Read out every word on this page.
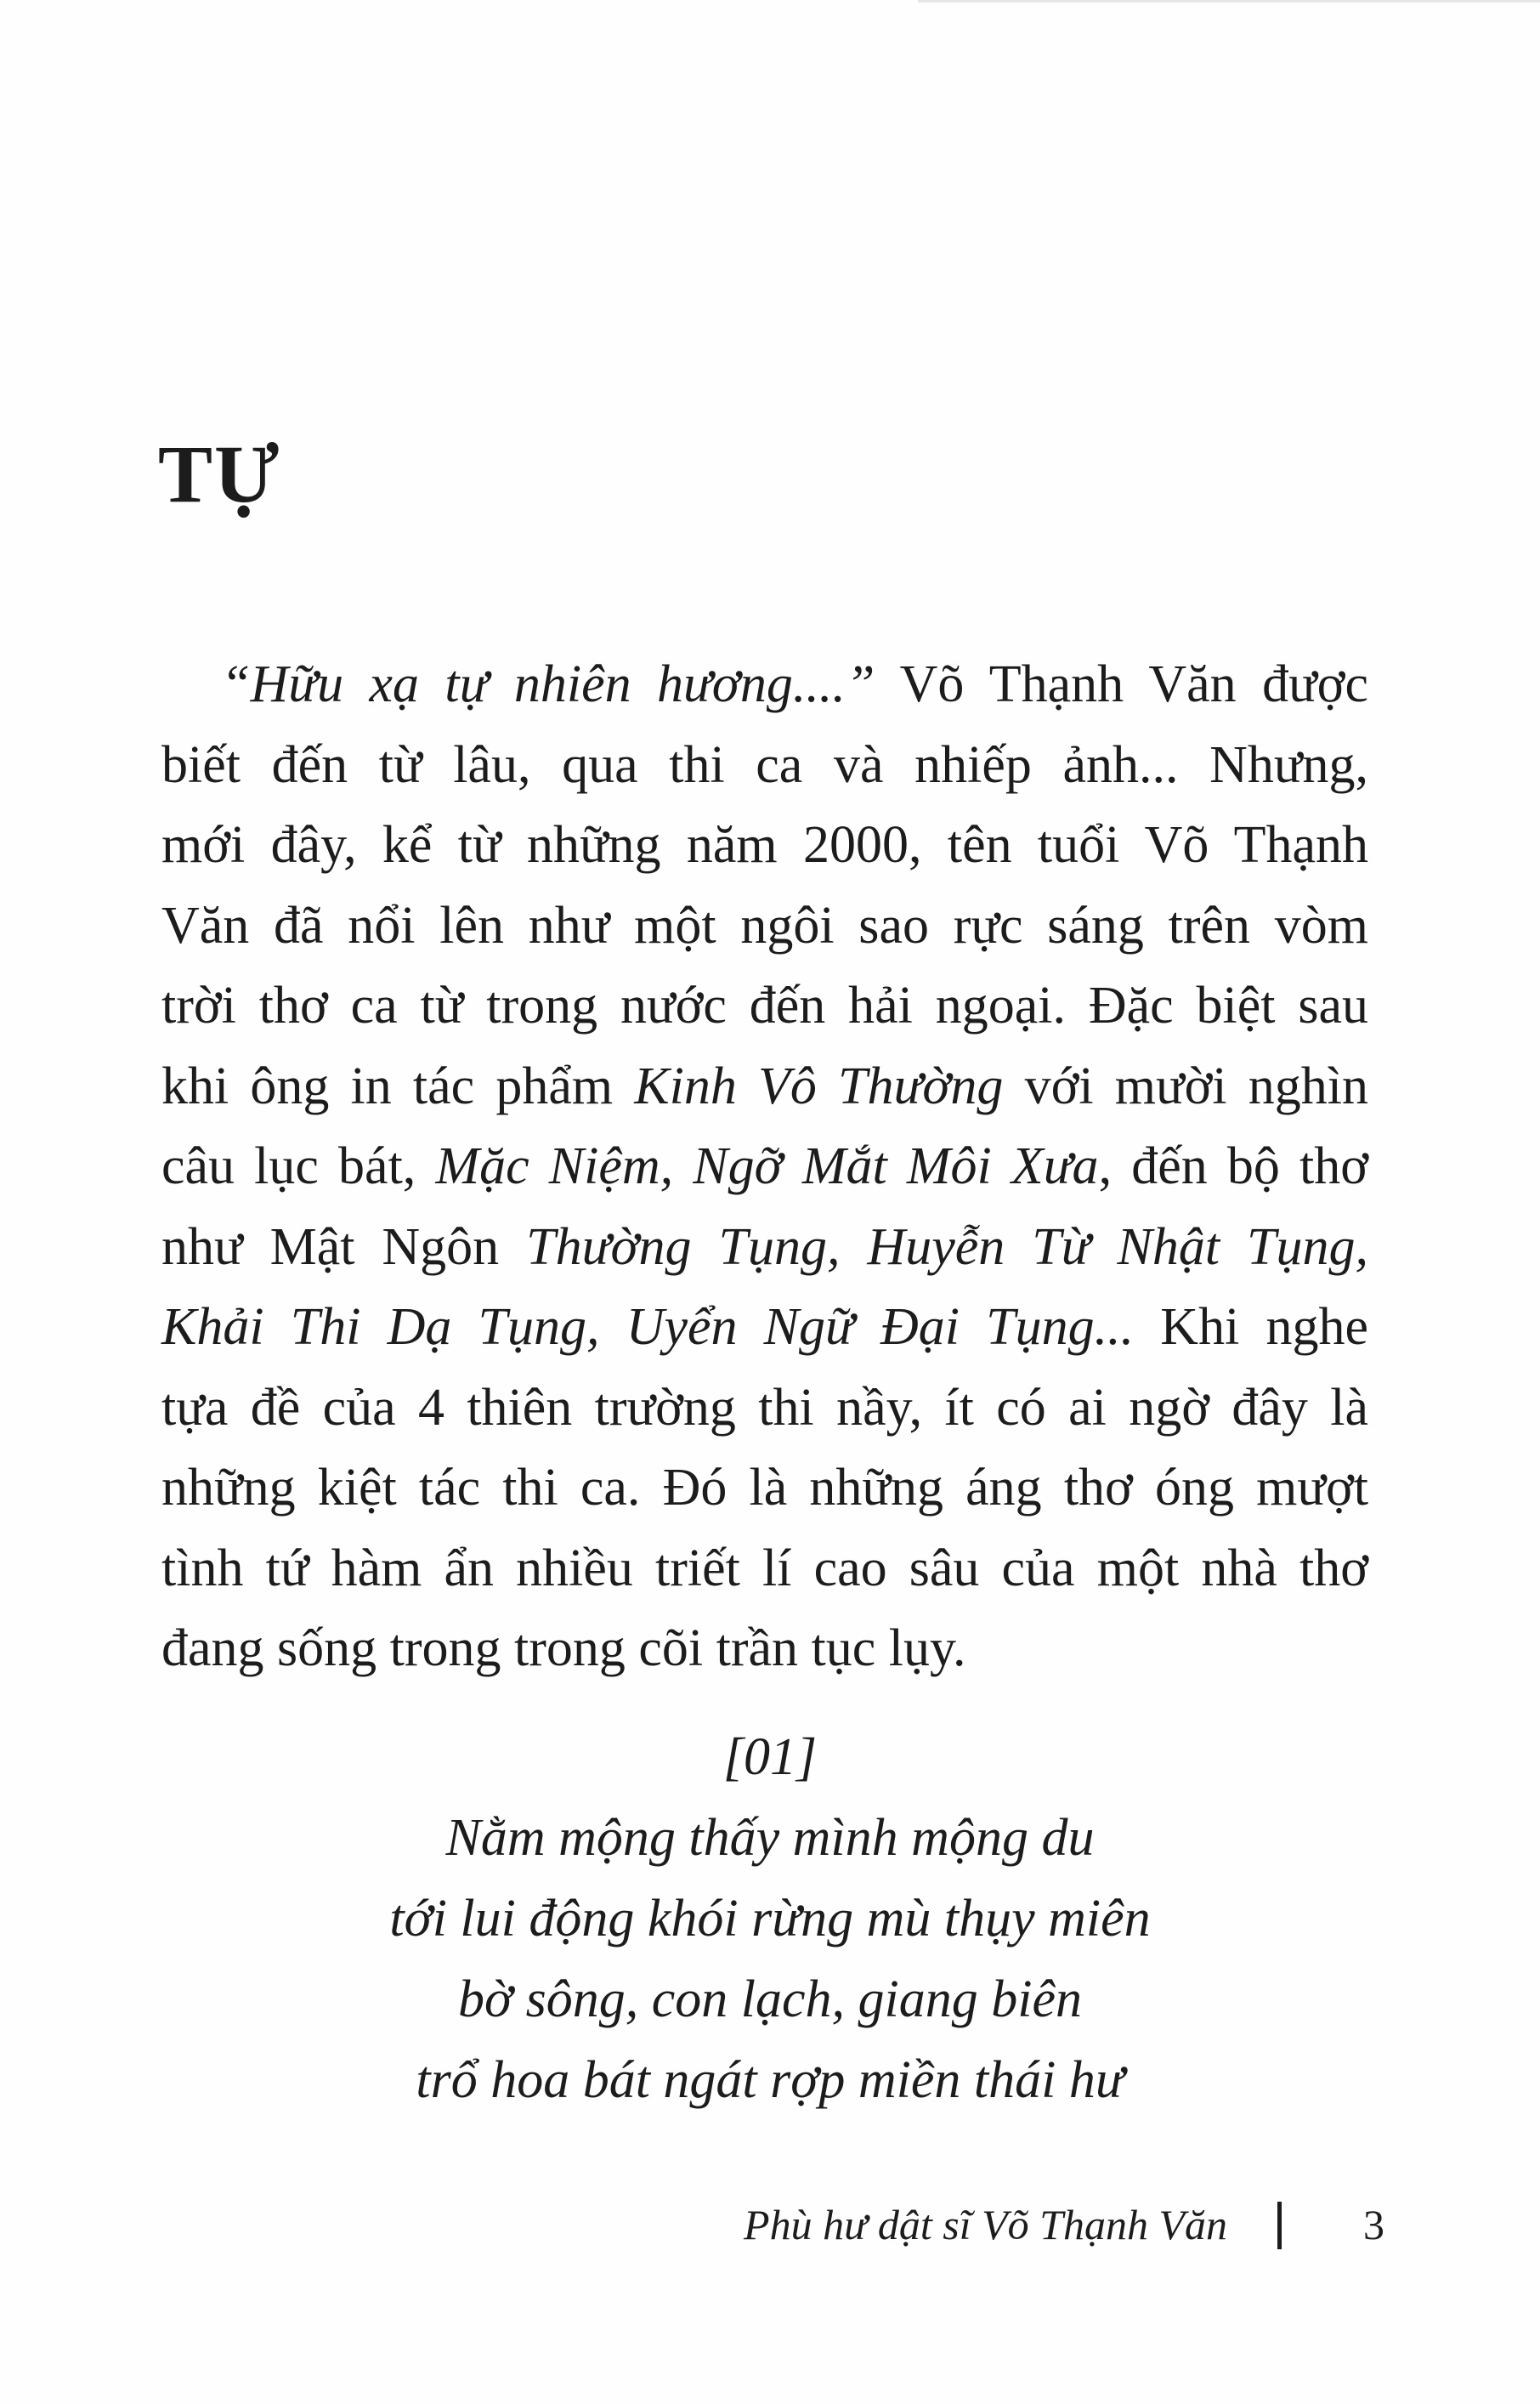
TỰ
“Hữu xạ tự nhiên hương....” Võ Thạnh Văn được
biết đến từ lâu, qua thi ca và nhiếp ảnh... Nhưng,
mới đây, kể từ những năm 2000, tên tuổi Võ Thạnh
Văn đã nổi lên như một ngôi sao rực sáng trên vòm
trời thơ ca từ trong nước đến hải ngoại. Đặc biệt sau
khi ông in tác phẩm Kinh Vô Thường với mười nghìn
câu lục bát, Mặc Niệm, Ngỡ Mắt Môi Xưa, đến bộ thơ
như Mật Ngôn Thường Tụng, Huyễn Từ Nhật Tụng,
Khải Thi Dạ Tụng, Uyển Ngữ Đại Tụng... Khi nghe
tựa đề của 4 thiên trường thi nầy, ít có ai ngờ đây là
những kiệt tác thi ca. Đó là những áng thơ óng mượt
tình tứ hàm ẩn nhiều triết lí cao sâu của một nhà thơ
đang sống trong trong cõi trần tục lụy.
[01]
Nằm mộng thấy mình mộng du
tới lui động khói rừng mù thụy miên
bờ sông, con lạch, giang biên
trổ hoa bát ngát rợp miền thái hư
Phù hư dật sĩ Võ Thạnh Văn	3
